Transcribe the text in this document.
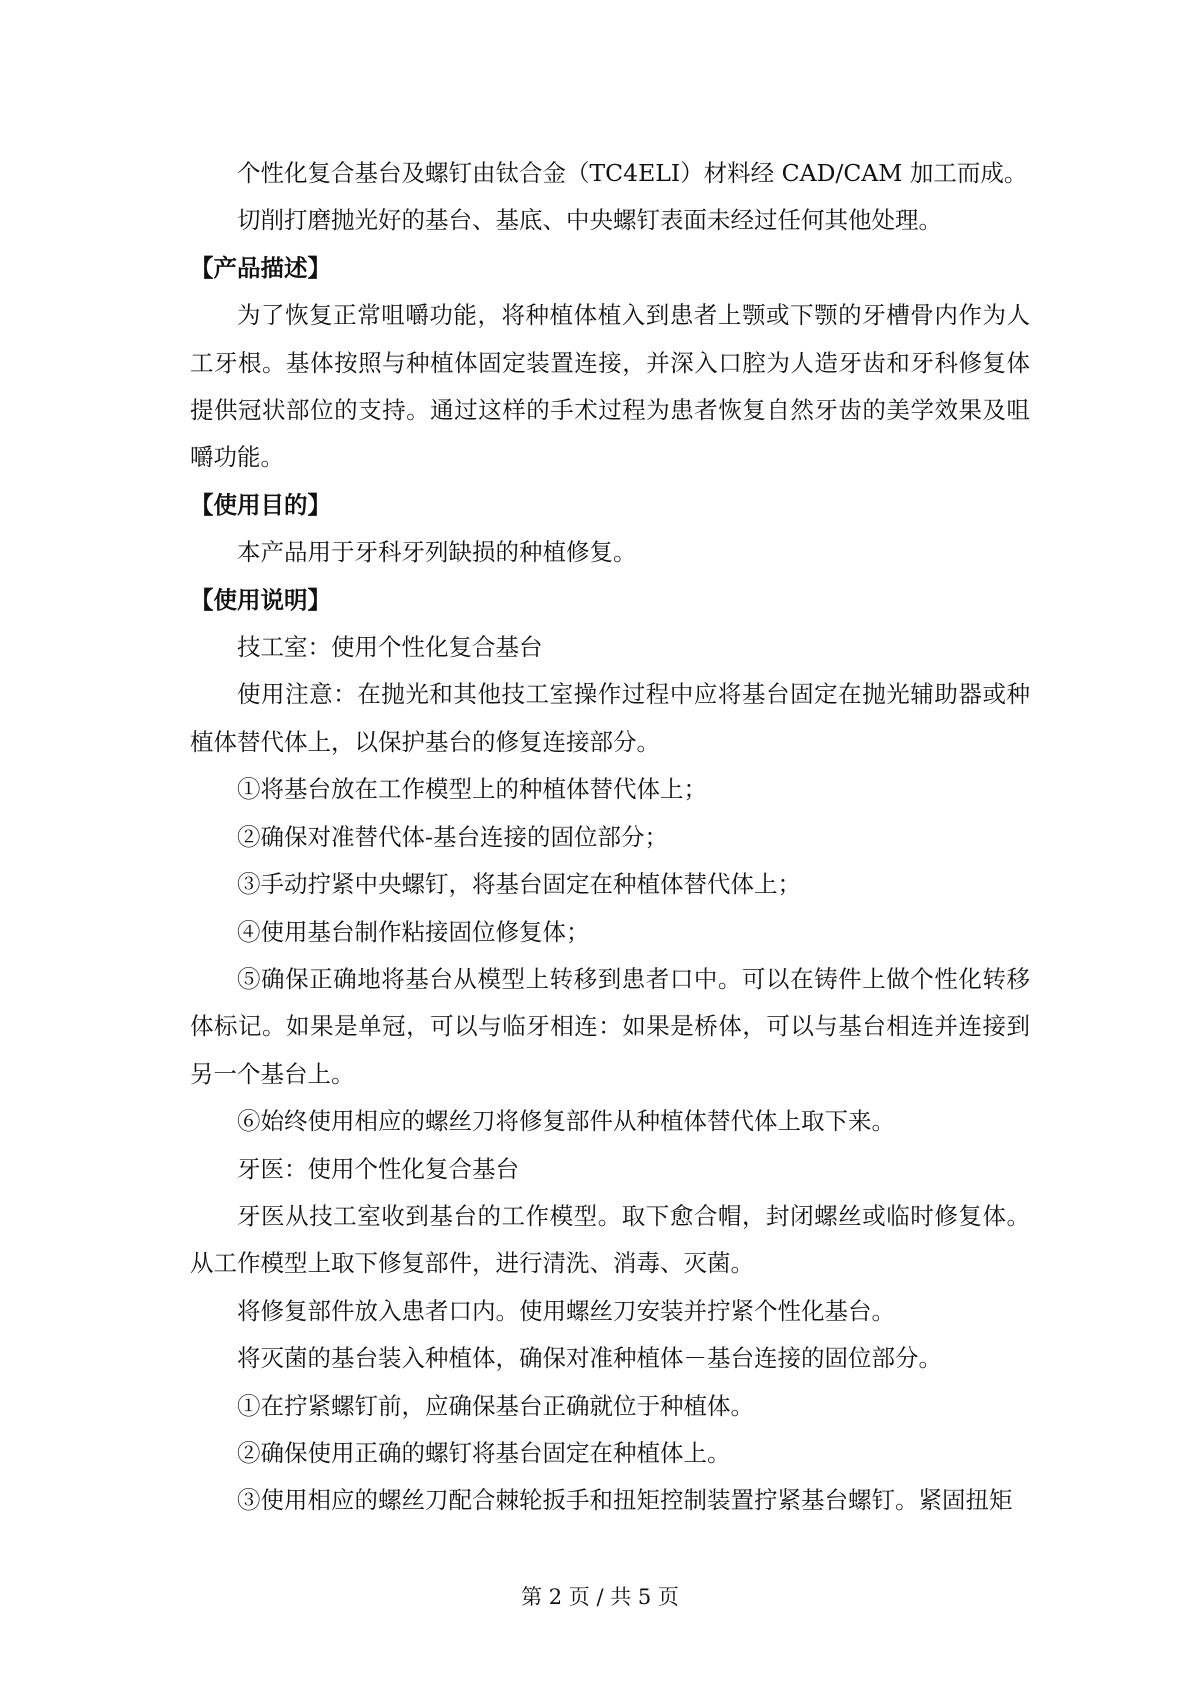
个性化复合基台及螺钉由钛合金（TC4ELI）材料经 CAD/CAM 加工而成。

切削打磨抛光好的基台、基底、中央螺钉表面未经过任何其他处理。

【产品描述】

为了恢复正常咀嚼功能，将种植体植入到患者上颚或下颚的牙槽骨内作为人工牙根。基体按照与种植体固定装置连接，并深入口腔为人造牙齿和牙科修复体提供冠状部位的支持。通过这样的手术过程为患者恢复自然牙齿的美学效果及咀嚼功能。

【使用目的】

本产品用于牙科牙列缺损的种植修复。

【使用说明】

技工室：使用个性化复合基台

使用注意：在抛光和其他技工室操作过程中应将基台固定在抛光辅助器或种植体替代体上，以保护基台的修复连接部分。

①将基台放在工作模型上的种植体替代体上；

②确保对准替代体-基台连接的固位部分；

③手动拧紧中央螺钉，将基台固定在种植体替代体上；

④使用基台制作粘接固位修复体；

⑤确保正确地将基台从模型上转移到患者口中。可以在铸件上做个性化转移体标记。如果是单冠，可以与临牙相连：如果是桥体，可以与基台相连并连接到另一个基台上。

⑥始终使用相应的螺丝刀将修复部件从种植体替代体上取下来。

牙医：使用个性化复合基台

牙医从技工室收到基台的工作模型。取下愈合帽，封闭螺丝或临时修复体。从工作模型上取下修复部件，进行清洗、消毒、灭菌。

将修复部件放入患者口内。使用螺丝刀安装并拧紧个性化基台。

将灭菌的基台装入种植体，确保对准种植体－基台连接的固位部分。

①在拧紧螺钉前，应确保基台正确就位于种植体。

②确保使用正确的螺钉将基台固定在种植体上。

③使用相应的螺丝刀配合棘轮扳手和扭矩控制装置拧紧基台螺钉。紧固扭矩

第 2 页 / 共 5 页
